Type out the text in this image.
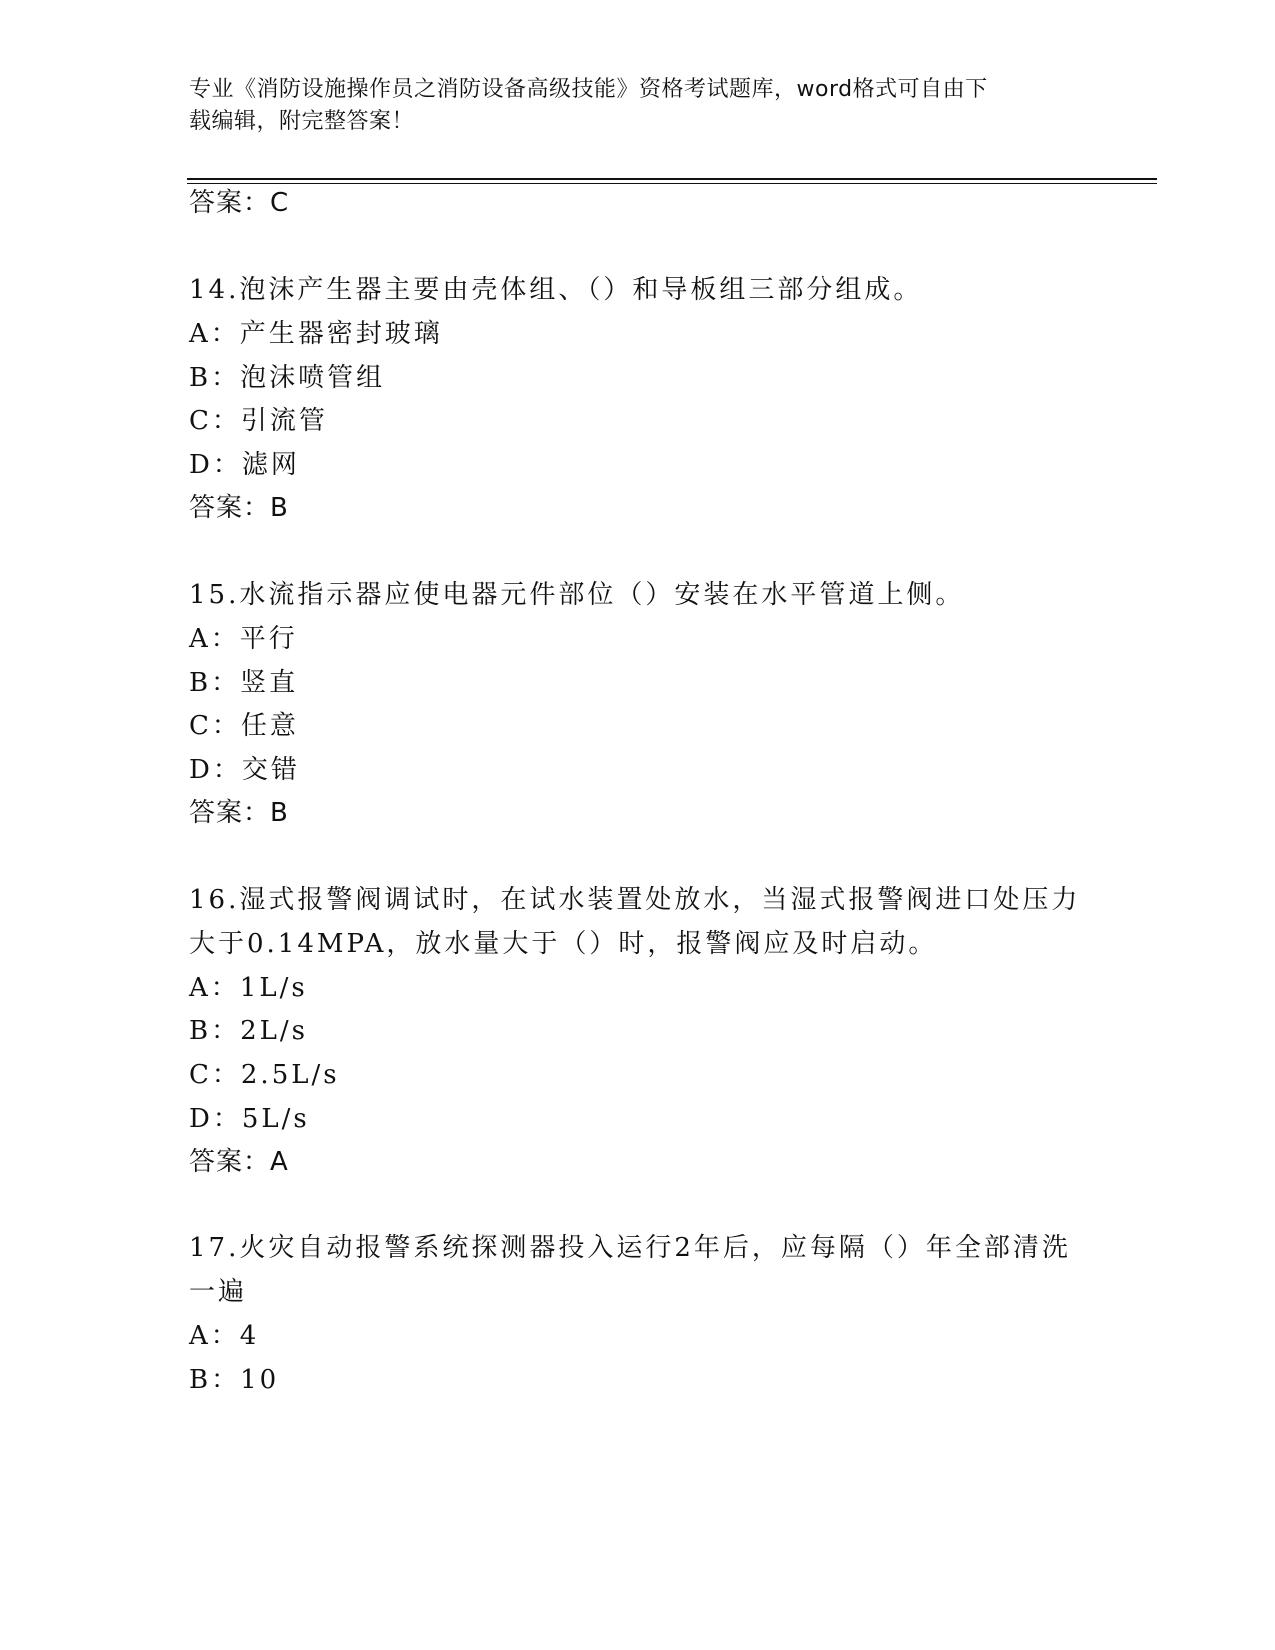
专业《消防设施操作员之消防设备高级技能》资格考试题库，word格式可自由下
载编辑，附完整答案！
答案：C
14.泡沫产生器主要由壳体组、（）和导板组三部分组成。
A：产生器密封玻璃
B：泡沫喷管组
C：引流管
D：滤网
答案：B
15.水流指示器应使电器元件部位（）安装在水平管道上侧。
A：平行
B：竖直
C：任意
D：交错
答案：B
16.湿式报警阀调试时，在试水装置处放水，当湿式报警阀进口处压力
大于0.14MPA，放水量大于（）时，报警阀应及时启动。
A：1L/s
B：2L/s
C：2.5L/s
D：5L/s
答案：A
17.火灾自动报警系统探测器投入运行2年后，应每隔（）年全部清洗
一遍
A：4
B：10
